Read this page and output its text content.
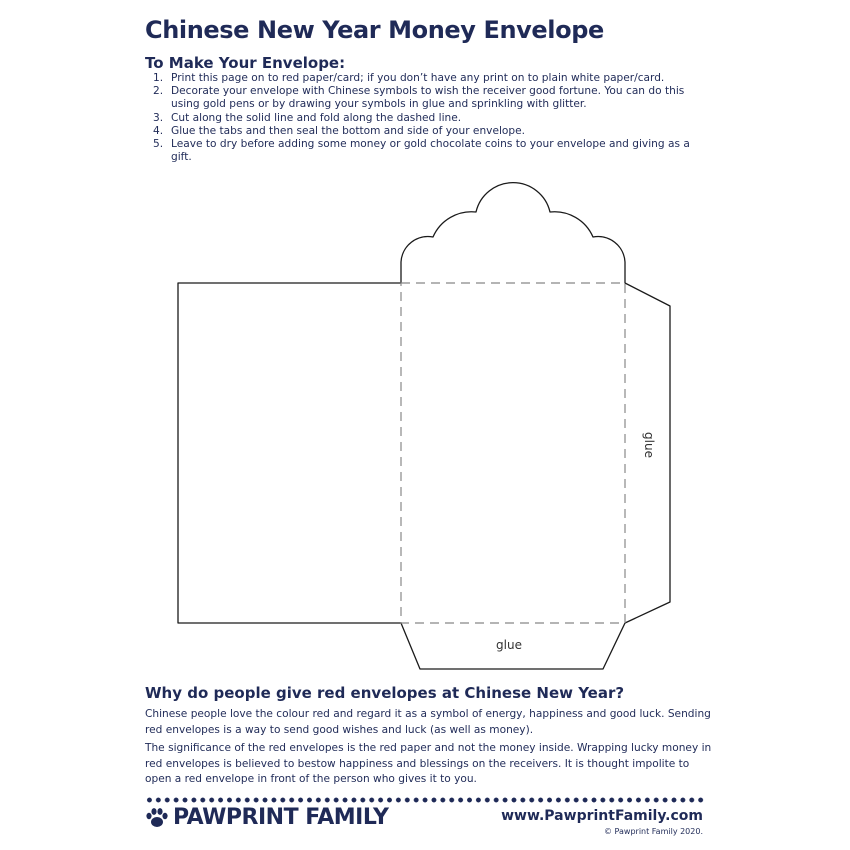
Chinese New Year Money Envelope
To Make Your Envelope:
1. Print this page on to red paper/card; if you don’t have any print on to plain white paper/card.
2. Decorate your envelope with Chinese symbols to wish the receiver good fortune. You can do this using gold pens or by drawing your symbols in glue and sprinkling with glitter.
3. Cut along the solid line and fold along the dashed line.
4. Glue the tabs and then seal the bottom and side of your envelope.
5. Leave to dry before adding some money or gold chocolate coins to your envelope and giving as a gift.
glue
glue
Why do people give red envelopes at Chinese New Year?

Chinese people love the colour red and regard it as a symbol of energy, happiness and good luck. Sending red envelopes is a way to send good wishes and luck (as well as money).

The significance of the red envelopes is the red paper and not the money inside. Wrapping lucky money in red envelopes is believed to bestow happiness and blessings on the receivers. It is thought impolite to open a red envelope in front of the person who gives it to you.

PAWPRINT FAMILY	www.PawprintFamily.com
© Pawprint Family 2020.
